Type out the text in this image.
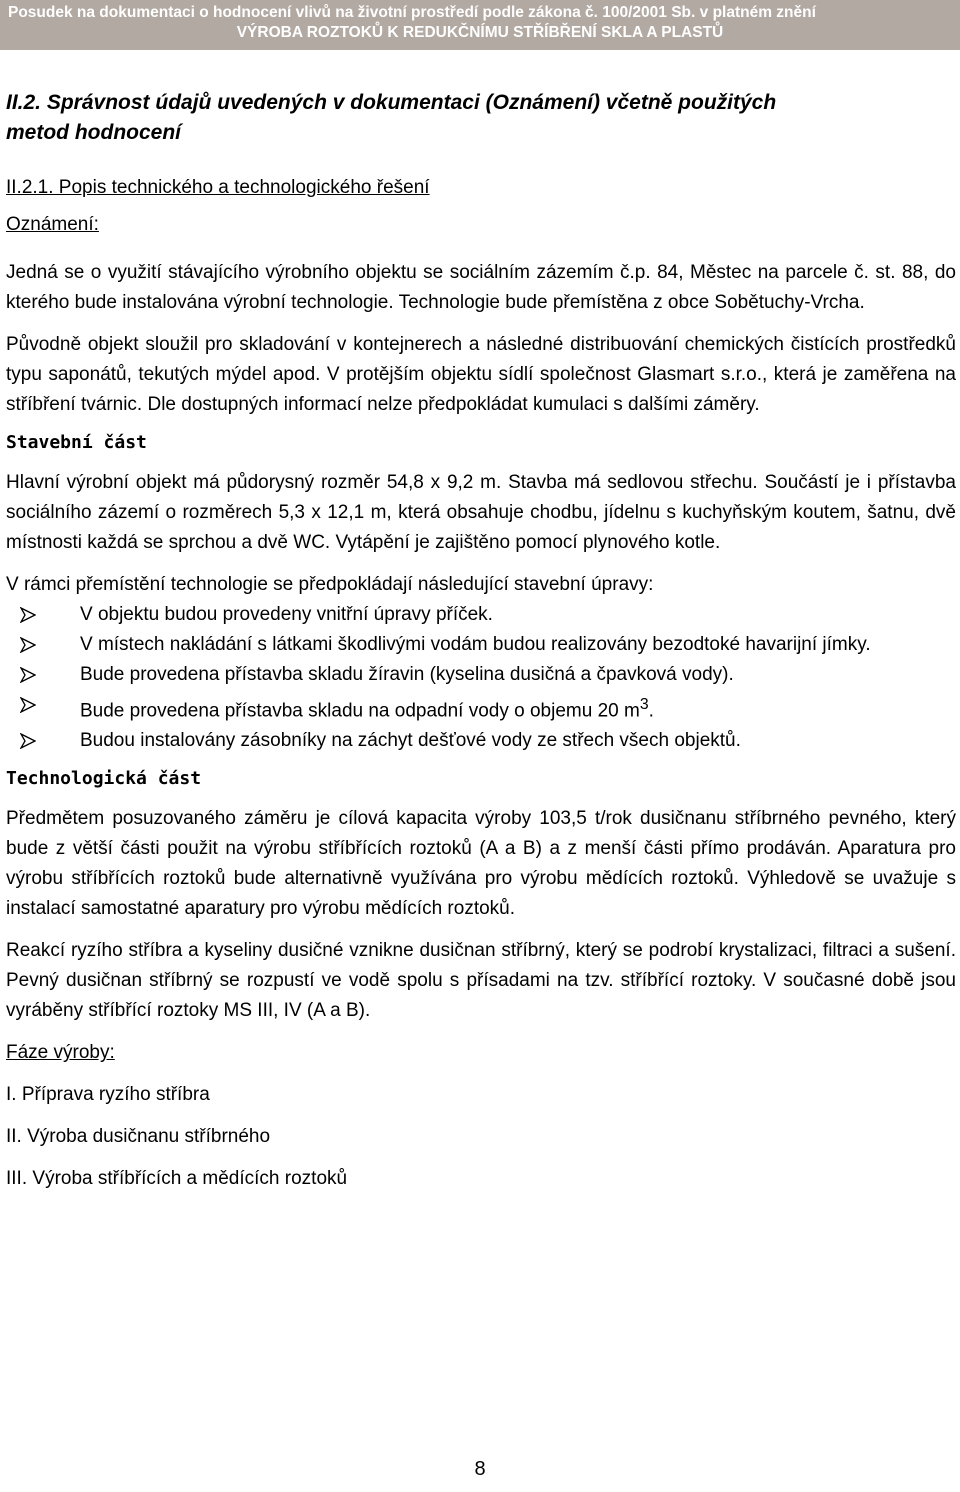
Posudek na dokumentaci o hodnocení vlivů na životní prostředí podle zákona č. 100/2001 Sb. v platném znění
VÝROBA ROZTOKŮ K REDUKČNÍMU STŘÍBŘENÍ SKLA A PLASTŮ

II.2. Správnost údajů uvedených v dokumentaci (Oznámení) včetně použitých
metod hodnocení

II.2.1. Popis technického a technologického řešení
Oznámení:

Jedná se o využití stávajícího výrobního objektu se sociálním zázemím č.p. 84, Městec na parcele č. st. 88, do kterého bude instalována výrobní technologie. Technologie bude přemístěna z obce Sobětuchy-Vrcha.

Původně objekt sloužil pro skladování v kontejnerech a následné distribuování chemických čistících prostředků typu saponátů, tekutých mýdel apod. V protějším objektu sídlí společnost Glasmart s.r.o., která je zaměřena na stříbření tvárnic. Dle dostupných informací nelze předpokládat kumulaci s dalšími záměry.

Stavební část

Hlavní výrobní objekt má půdorysný rozměr 54,8 x 9,2 m. Stavba má sedlovou střechu. Součástí je i přístavba sociálního zázemí o rozměrech 5,3 x 12,1 m, která obsahuje chodbu, jídelnu s kuchyňským koutem, šatnu, dvě místnosti každá se sprchou a dvě WC. Vytápění je zajištěno pomocí plynového kotle.

V rámci přemístění technologie se předpokládají následující stavební úpravy:

V objektu budou provedeny vnitřní úpravy příček.
V místech nakládání s látkami škodlivými vodám budou realizovány bezodtoké havarijní jímky.
Bude provedena přístavba skladu žíravin (kyselina dusičná a čpavková vody).
Bude provedena přístavba skladu na odpadní vody o objemu 20 $m^3$.
Budou instalovány zásobníky na záchyt dešťové vody ze střech všech objektů.
Technologická část

Předmětem posuzovaného záměru je cílová kapacita výroby 103,5 t/rok dusičnanu stříbrného pevného, který bude z větší části použit na výrobu stříbřících roztoků (A a B) a z menší části přímo prodáván. Aparatura pro výrobu stříbřících roztoků bude alternativně využívána pro výrobu mědících roztoků. Výhledově se uvažuje s instalací samostatné aparatury pro výrobu mědících roztoků.

Reakcí ryzího stříbra a kyseliny dusičné vznikne dusičnan stříbrný, který se podrobí krystalizaci, filtraci a sušení. Pevný dusičnan stříbrný se rozpustí ve vodě spolu s přísadami na tzv. stříbřící roztoky. V současné době jsou vyráběny stříbřící roztoky MS III, IV (A a B).

Fáze výroby:
I. Příprava ryzího stříbra
II. Výroba dusičnanu stříbrného
III. Výroba stříbřících a mědících roztoků
8
